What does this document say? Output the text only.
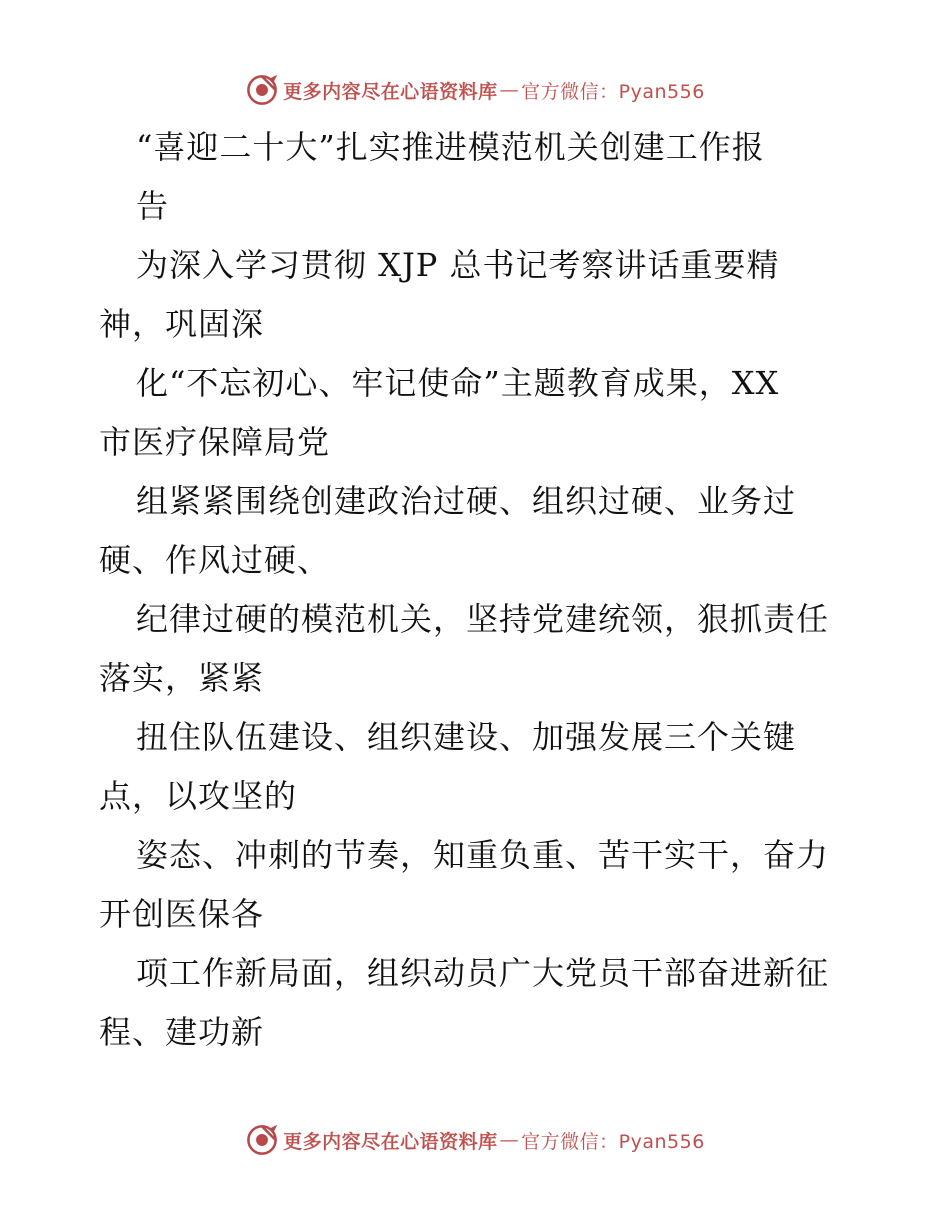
更多内容尽在心语资料库 — 官方微信：Pyan556
“喜迎二十大”扎实推进模范机关创建工作报
告
为深入学习贯彻 XJP 总书记考察讲话重要精
神，巩固深
化“不忘初心、牢记使命”主题教育成果，XX
市医疗保障局党
组紧紧围绕创建政治过硬、组织过硬、业务过
硬、作风过硬、
纪律过硬的模范机关，坚持党建统领，狠抓责任
落实，紧紧
扭住队伍建设、组织建设、加强发展三个关键
点，以攻坚的
姿态、冲刺的节奏，知重负重、苦干实干，奋力
开创医保各
项工作新局面，组织动员广大党员干部奋进新征
程、建功新
更多内容尽在心语资料库 — 官方微信：Pyan556
